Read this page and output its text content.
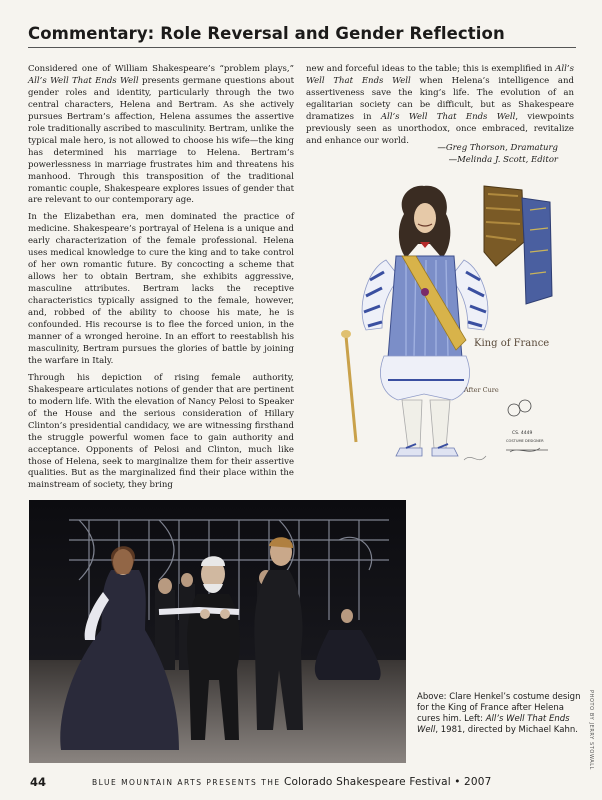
Commentary: Role Reversal and Gender Reflection

Considered one of William Shakespeare’s “problem plays,” All’s Well That Ends Well presents germane questions about gender roles and identity, particularly through the two central characters, Helena and Bertram. As she actively pursues Bertram’s affection, Helena assumes the assertive role traditionally ascribed to masculinity. Bertram, unlike the typical male hero, is not allowed to choose his wife—the king has determined his marriage to Helena. Bertram’s powerlessness in marriage frustrates him and threatens his manhood. Through this transposition of the traditional romantic couple, Shakespeare explores issues of gender that are relevant to our contemporary age.

In the Elizabethan era, men dominated the practice of medicine. Shakespeare’s portrayal of Helena is a unique and early characterization of the female professional. Helena uses medical knowledge to cure the king and to take control of her own romantic future. By concocting a scheme that allows her to obtain Bertram, she exhibits aggressive, masculine attributes. Bertram lacks the receptive characteristics typically assigned to the female, however, and, robbed of the ability to choose his mate, he is confounded. His recourse is to flee the forced union, in the manner of a wronged heroine. In an effort to reestablish his masculinity, Bertram pursues the glories of battle by joining the warfare in Italy.

Through his depiction of rising female authority, Shakespeare articulates notions of gender that are pertinent to modern life. With the elevation of Nancy Pelosi to Speaker of the House and the serious consideration of Hillary Clinton’s presidential candidacy, we are witnessing firsthand the struggle powerful women face to gain authority and acceptance. Opponents of Pelosi and Clinton, much like those of Helena, seek to marginalize them for their assertive qualities. But as the marginalized find their place within the mainstream of society, they bring

new and forceful ideas to the table; this is exemplified in All’s Well That Ends Well when Helena’s intelligence and assertiveness save the king’s life. The evolution of an egalitarian society can be difficult, but as Shakespeare dramatizes in All’s Well That Ends Well, viewpoints previously seen as unorthodox, once embraced, revitalize and enhance our world.

—Greg Thorson, Dramaturg
—Melinda J. Scott, Editor
King of France
After Cure
CS. 4449
COSTUME DESIGNER
Above: Clare Henkel’s costume design for the King of France after Helena cures him. Left: All’s Well That Ends Well, 1981, directed by Michael Kahn.	PHOTO BY JERRY STOWALL
44	BLUE MOUNTAIN ARTS PRESENTS THE Colorado Shakespeare Festival • 2007
